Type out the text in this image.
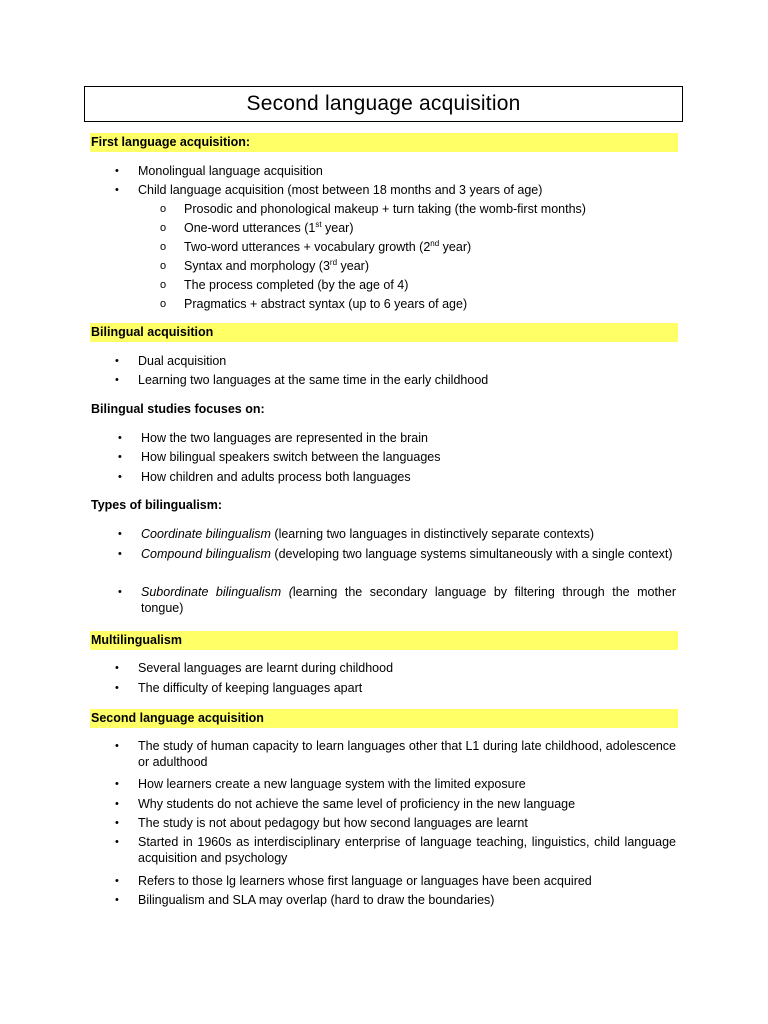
Second language acquisition
First language acquisition:
• Monolingual language acquisition
• Child language acquisition (most between 18 months and 3 years of age)
o Prosodic and phonological makeup + turn taking (the womb-first months)
o One-word utterances (1st year)
o Two-word utterances + vocabulary growth (2nd year)
o Syntax and morphology (3rd year)
o The process completed (by the age of 4)
o Pragmatics + abstract syntax (up to 6 years of age)
Bilingual acquisition
• Dual acquisition
• Learning two languages at the same time in the early childhood
Bilingual studies focuses on:
• How the two languages are represented in the brain
• How bilingual speakers switch between the languages
• How children and adults process both languages
Types of bilingualism:
• Coordinate bilingualism (learning two languages in distinctively separate contexts)
• Compound bilingualism (developing two language systems simultaneously with a single context)
• Subordinate bilingualism (learning the secondary language by filtering through the mother tongue)
Multilingualism
• Several languages are learnt during childhood
• The difficulty of keeping languages apart
Second language acquisition
• The study of human capacity to learn languages other that L1 during late childhood, adolescence or adulthood
• How learners create a new language system with the limited exposure
• Why students do not achieve the same level of proficiency in the new language
• The study is not about pedagogy but how second languages are learnt
• Started in 1960s as interdisciplinary enterprise of language teaching, linguistics, child language acquisition and psychology
• Refers to those lg learners whose first language or languages have been acquired
• Bilingualism and SLA may overlap (hard to draw the boundaries)
